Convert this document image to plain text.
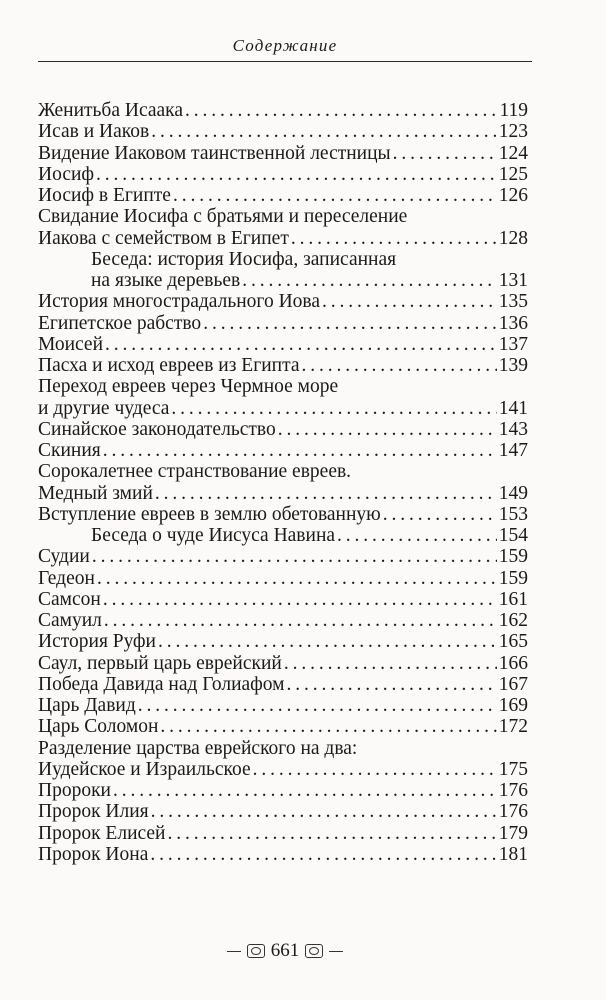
Содержание
Женитьба Исаака . . .	119
Исав и Иаков . . .	123
Видение Иаковом таинственной лестницы . . .	124
Иосиф . . .	125
Иосиф в Египте . . .	126
Свидание Иосифа с братьями и переселение
Иакова с семейством в Египет . . .	128
Беседа: история Иосифа, записанная
на языке деревьев . . .	131
История многострадального Иова . . .	135
Египетское рабство . . .	136
Моисей . . .	137
Пасха и исход евреев из Египта . . .	139
Переход евреев через Чермное море
и другие чудеса . . .	141
Синайское законодательство . . .	143
Скиния . . .	147
Сорокалетнее странствование евреев.
Медный змий . . .	149
Вступление евреев в землю обетованную . . .	153
Беседа о чуде Иисуса Навина . . .	154
Судии . . .	159
Гедеон . . .	159
Самсон . . .	161
Самуил . . .	162
История Руфи . . .	165
Саул, первый царь еврейский . . .	166
Победа Давида над Голиафом . . .	167
Царь Давид . . .	169
Царь Соломон . . .	172
Разделение царства еврейского на два:
Иудейское и Израильское . . .	175
Пророки . . .	176
Пророк Илия . . .	176
Пророк Елисей . . .	179
Пророк Иона . . .	181
661
